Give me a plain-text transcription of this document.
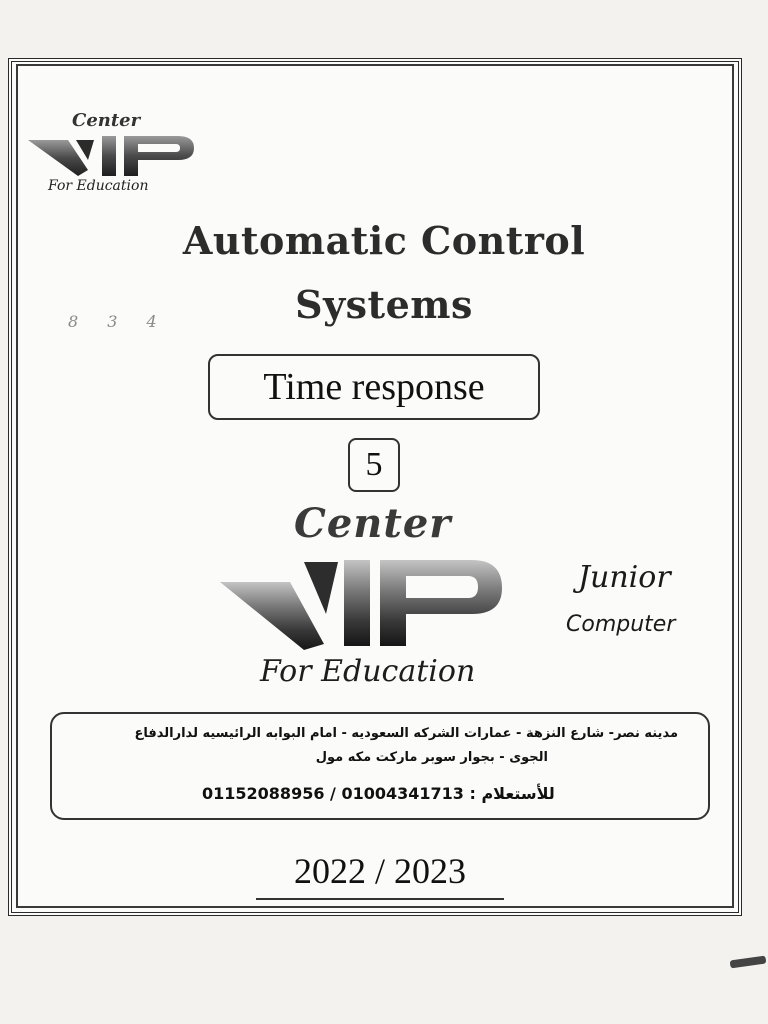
Center
For Education
Automatic Control
Systems
8 3 4
Time response
5
Center
For Education
Junior
Computer
مدينه نصر- شارع النزهة - عمارات الشركه السعوديه - امام البوابه الرائيسيه لدارالدفاع
الجوى - بجوار سوبر ماركت مكه مول
01152088956 / 01004341713 للأستعلام :
2022 / 2023
